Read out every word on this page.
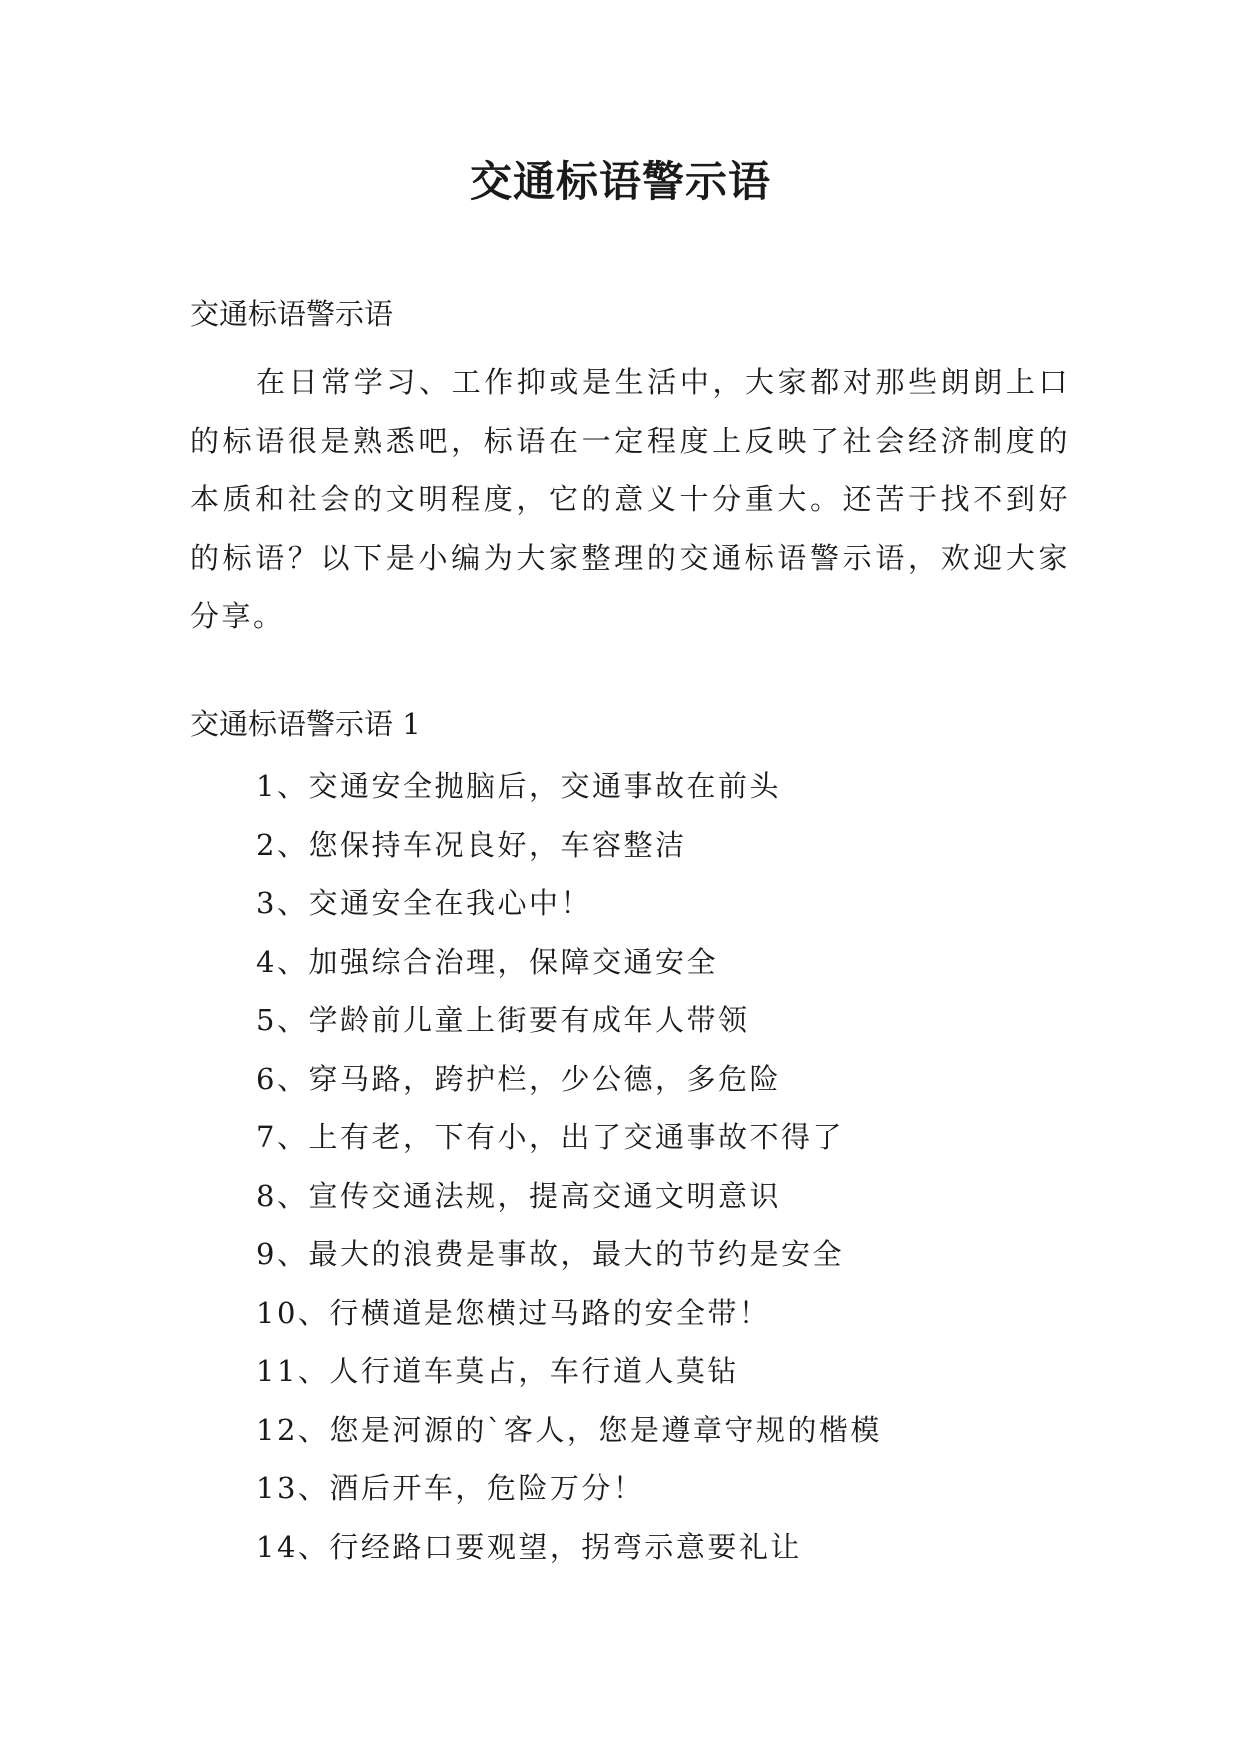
交通标语警示语

交通标语警示语

在日常学习、工作抑或是生活中，大家都对那些朗朗上口的标语很是熟悉吧，标语在一定程度上反映了社会经济制度的本质和社会的文明程度，它的意义十分重大。还苦于找不到好的标语？以下是小编为大家整理的交通标语警示语，欢迎大家分享。

交通标语警示语 1

1、交通安全抛脑后，交通事故在前头
2、您保持车况良好，车容整洁
3、交通安全在我心中！
4、加强综合治理，保障交通安全
5、学龄前儿童上街要有成年人带领
6、穿马路，跨护栏，少公德，多危险
7、上有老，下有小，出了交通事故不得了
8、宣传交通法规，提高交通文明意识
9、最大的浪费是事故，最大的节约是安全
10、行横道是您横过马路的安全带！
11、人行道车莫占，车行道人莫钻
12、您是河源的`客人，您是遵章守规的楷模
13、酒后开车，危险万分！
14、行经路口要观望，拐弯示意要礼让
